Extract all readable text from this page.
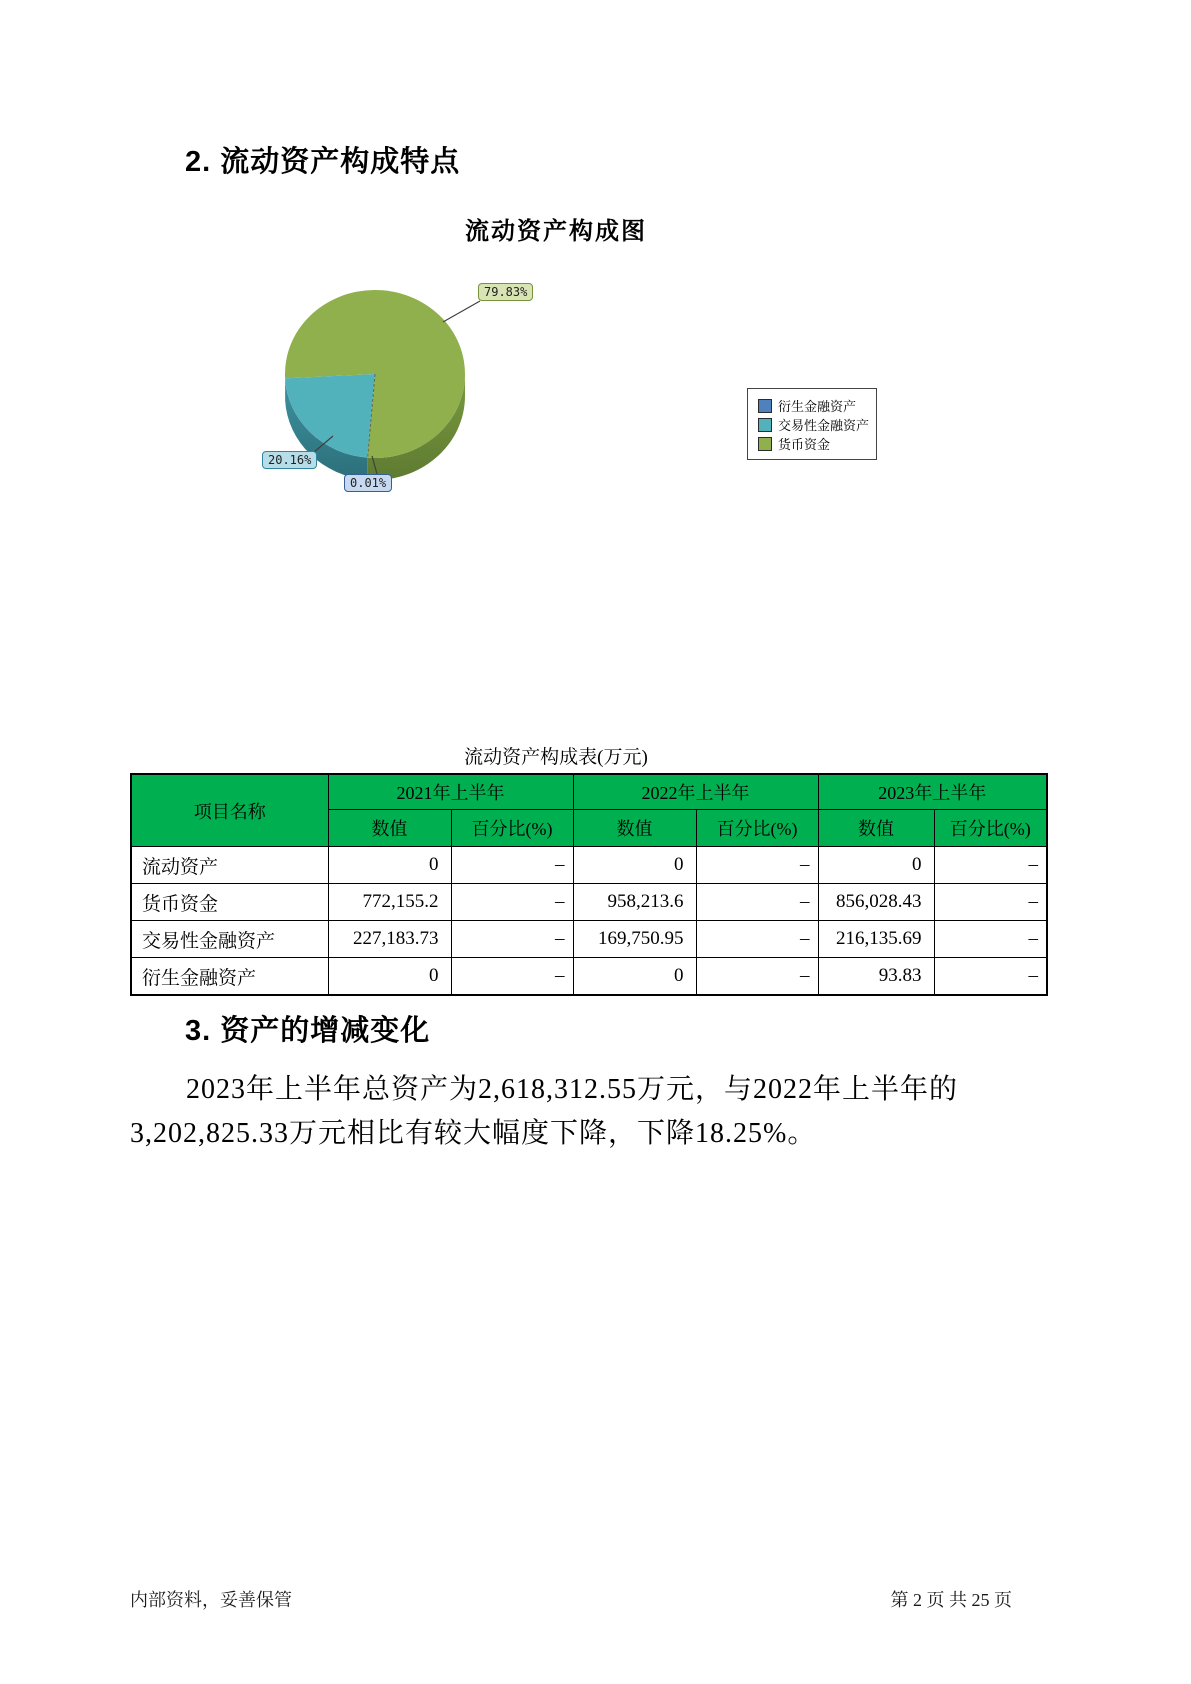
2. 流动资产构成特点
流动资产构成图
79.83%
20.16%
0.01%
衍生金融资产
交易性金融资产
货币资金
流动资产构成表(万元)
项目名称	2021年上半年		2022年上半年		2023年上半年	
	数值	百分比(%)	数值	百分比(%)	数值	百分比(%)
流动资产	0	–	0	–	0	–
货币资金	772,155.2	–	958,213.6	–	856,028.43	–
交易性金融资产	227,183.73	–	169,750.95	–	216,135.69	–
衍生金融资产	0	–	0	–	93.83	–
3. 资产的增减变化

2023年上半年总资产为2,618,312.55万元，与2022年上半年的3,202,825.33万元相比有较大幅度下降，下降18.25%。

内部资料，妥善保管	第 2 页 共 25 页
